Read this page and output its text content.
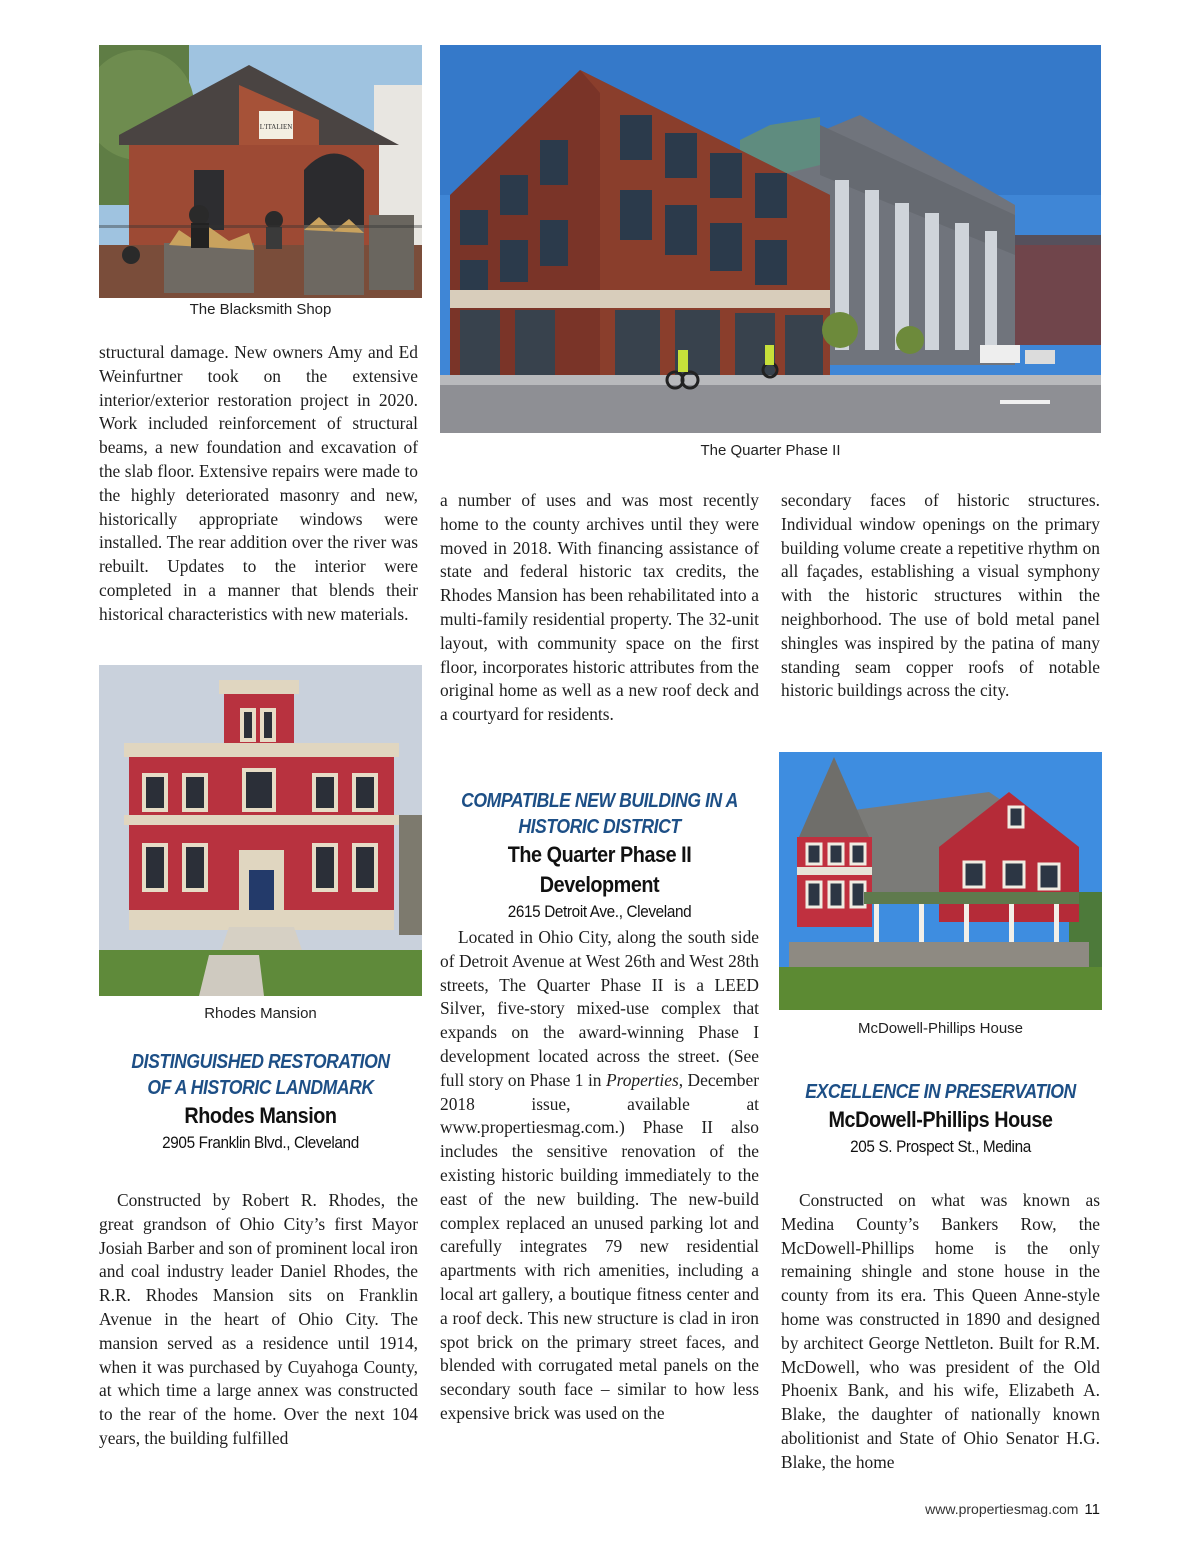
L'ITALIEN
The Blacksmith Shop
The Quarter Phase II

structural damage. New owners Amy and Ed Weinfurtner took on the extensive interior/exterior restoration project in 2020. Work included reinforcement of structural beams, a new foundation and excavation of the slab floor. Extensive repairs were made to the highly deteriorated masonry and new, historically appropriate windows were installed. The rear addition over the river was rebuilt. Updates to the interior were completed in a manner that blends their historical characteristics with new materials.

Rhodes Mansion
DISTINGUISHED RESTORATION OF A HISTORIC LANDMARK
Rhodes Mansion
2905 Franklin Blvd., Cleveland

Constructed by Robert R. Rhodes, the great grandson of Ohio City’s first Mayor Josiah Barber and son of prominent local iron and coal industry leader Daniel Rhodes, the R.R. Rhodes Mansion sits on Franklin Avenue in the heart of Ohio City. The mansion served as a residence until 1914, when it was purchased by Cuyahoga County, at which time a large annex was constructed to the rear of the home. Over the next 104 years, the building fulfilled

a number of uses and was most recently home to the county archives until they were moved in 2018. With financing assistance of state and federal historic tax credits, the Rhodes Mansion has been rehabilitated into a multi-family residential property. The 32-unit layout, with community space on the first floor, incorporates historic attributes from the original home as well as a new roof deck and a courtyard for residents.

COMPATIBLE NEW BUILDING IN A HISTORIC DISTRICT
The Quarter Phase II Development
2615 Detroit Ave., Cleveland

Located in Ohio City, along the south side of Detroit Avenue at West 26th and West 28th streets, The Quarter Phase II is a LEED Silver, five-story mixed-use complex that expands on the award-winning Phase I development located across the street. (See full story on Phase 1 in Properties, December 2018 issue, available at www.propertiesmag.com.) Phase II also includes the sensitive renovation of the existing historic building immediately to the east of the new building. The new-build complex replaced an unused parking lot and carefully integrates 79 new residential apartments with rich amenities, including a local art gallery, a boutique fitness center and a roof deck. This new structure is clad in iron spot brick on the primary street faces, and blended with corrugated metal panels on the secondary south face – similar to how less expensive brick was used on the

secondary faces of historic structures. Individual window openings on the primary building volume create a repetitive rhythm on all façades, establishing a visual symphony with the historic structures within the neighborhood. The use of bold metal panel shingles was inspired by the patina of many standing seam copper roofs of notable historic buildings across the city.

McDowell-Phillips House
EXCELLENCE IN PRESERVATION
McDowell-Phillips House
205 S. Prospect St., Medina

Constructed on what was known as Medina County’s Bankers Row, the McDowell-Phillips home is the only remaining shingle and stone house in the county from its era. This Queen Anne-style home was constructed in 1890 and designed by architect George Nettleton. Built for R.M. McDowell, who was president of the Old Phoenix Bank, and his wife, Elizabeth A. Blake, the daughter of nationally known abolitionist and State of Ohio Senator H.G. Blake, the home

www.propertiesmag.com 11
